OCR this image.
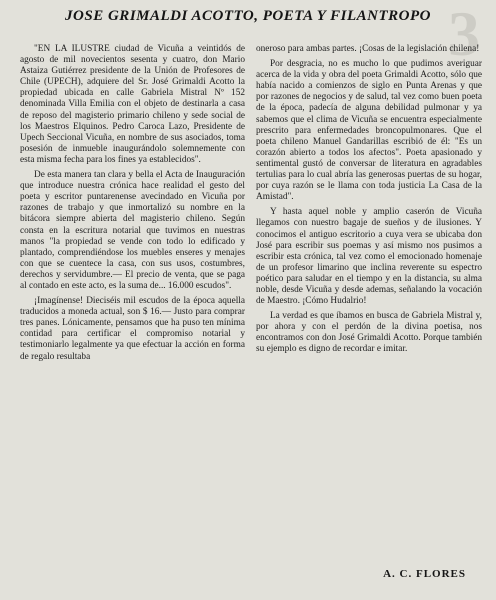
3
JOSE GRIMALDI ACOTTO, POETA Y FILANTROPO

"EN LA ILUSTRE ciudad de Vicuña a veintidós de agosto de mil novecientos sesenta y cuatro, don Mario Astaiza Gutiérrez presidente de la Unión de Profesores de Chile (UPECH), adquiere del Sr. José Grimaldi Acotto la propiedad ubicada en calle Gabriela Mistral Nº 152 denominada Villa Emilia con el objeto de destinarla a casa de reposo del magisterio primario chileno y sede social de los Maestros Elquinos. Pedro Caroca Lazo, Presidente de Upech Seccional Vicuña, en nombre de sus asociados, toma posesión de inmueble inaugurándolo solemnemente con esta misma fecha para los fines ya establecidos".

De esta manera tan clara y bella el Acta de Inauguración que introduce nuestra crónica hace realidad el gesto del poeta y escritor puntarenense avecindado en Vicuña por razones de trabajo y que inmortalizó su nombre en la bitácora siempre abierta del magisterio chileno. Según consta en la escritura notarial que tuvimos en nuestras manos "la propiedad se vende con todo lo edificado y plantado, comprendiéndose los muebles enseres y menajes con que se cuentece la casa, con sus usos, costumbres, derechos y servidumbre.— El precio de venta, que se paga al contado en este acto, es la suma de... 16.000 escudos".

¡Imagínense! Dieciséis mil escudos de la época aquella traducidos a moneda actual, son $ 16.— Justo para comprar tres panes. Lónicamente, pensamos que ha puso ten mínima contidad para certificar el compromiso notarial y testimoniarlo legalmente ya que efectuar la acción en forma de regalo resultaba

oneroso para ambas partes. ¡Cosas de la legislación chilena!

Por desgracia, no es mucho lo que pudimos averiguar acerca de la vida y obra del poeta Grimaldi Acotto, sólo que había nacido a comienzos de siglo en Punta Arenas y que por razones de negocios y de salud, tal vez como buen poeta de la época, padecía de alguna debilidad pulmonar y ya sabemos que el clima de Vicuña se encuentra especialmente prescrito para enfermedades broncopulmonares. Que el poeta chileno Manuel Gandarillas escribió de él: "Es un corazón abierto a todos los afectos". Poeta apasionado y sentimental gustó de conversar de literatura en agradables tertulias para lo cual abría las generosas puertas de su hogar, por cuya razón se le llama con toda justicia La Casa de la Amistad".

Y hasta aquel noble y amplio caserón de Vicuña llegamos con nuestro bagaje de sueños y de ilusiones. Y conocimos el antiguo escritorio a cuya vera se ubicaba don José para escribir sus poemas y así mismo nos pusimos a escribir esta crónica, tal vez como el emocionado homenaje de un profesor limarino que inclina reverente su espectro poético para saludar en el tiempo y en la distancia, su alma noble, desde Vicuña y desde ademas, señalando la vocación de Maestro. ¡Cómo Hudalrio!

La verdad es que íbamos en busca de Gabriela Mistral y, por ahora y con el perdón de la divina poetisa, nos encontramos con don José Grimaldi Acotto. Porque también su ejemplo es digno de recordar e imitar.

A. C. FLORES
